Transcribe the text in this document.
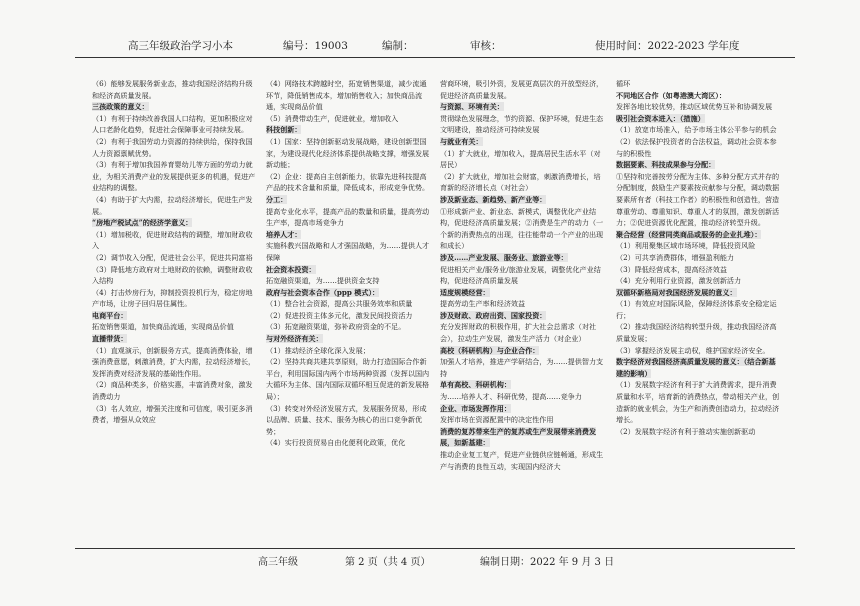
高三年级政治学习小本	编号：19003	编制：	审核：	使用时间：2022-2023 学年度

（6）能够发展服务新业态，推动我国经济结构升级和经济高质量发展。

三孩政策的意义：

（1）有利于持续改善我国人口结构，更加积极应对人口老龄化趋势，促进社会保障事业可持续发展。

（2）有利于我国劳动力资源的持续供给，保持我国人力资源禀赋优势。

（3）有利于增加我国养育婴幼儿等方面的劳动力就业，为相关消费产业的发展提供更多的机遇，促进产业结构的调整。

（4）有助于扩大内需，拉动经济增长，促进生产发展。

“房地产税试点”的经济学意义：

（1）增加税收，促进财政结构的调整，增加财政收入

（2）调节收入分配，促进社会公平，促进共同富裕

（3）降低地方政府对土地财政的依赖，调整财政收入结构

（4）打击炒房行为，抑制投资投机行为，稳定房地产市场，让房子回归居住属性。

电商平台：

拓宽销售渠道，加快商品流通，实现商品价值

直播带货：

（1）直观演示，创新服务方式，提高消费体验，增强消费意愿，刺激消费，扩大内需，拉动经济增长，发挥消费对经济发展的基础性作用。

（2）商品种类多，价格实惠，丰富消费对象，激发消费动力

（3）名人效应，增强关注度和可信度，吸引更多消费者，增强从众效应

（4）网络技术跨越时空，拓宽销售渠道，减少流通环节，降低销售成本，增加销售收入；加快商品流通，实现商品价值

（5）消费带动生产，促进就业，增加收入

科技创新：

（1）国家：坚持创新驱动发展战略，建设创新型国家，为建设现代化经济体系提供战略支撑，增强发展新动能；

（2）企业：提高自主创新能力，依靠先进科技提高产品的技术含量和质量，降低成本，形成竞争优势。

分工：

提高专业化水平，提高产品的数量和质量，提高劳动生产率，提高市场竞争力

培养人才：

实施科教兴国战略和人才强国战略，为……提供人才保障

社会资本投资：

拓宽融资渠道，为……提供资金支持

政府与社会资本合作（ppp 模式）：

（1）整合社会资源，提高公共服务效率和质量

（2）促进投资主体多元化，激发民间投资活力

（3）拓宽融资渠道，弥补政府资金的不足。

与对外经济有关：

（1）推动经济全球化深入发展；

（2）坚持共商共建共享原则，助力打造国际合作新平台，利用国际国内两个市场两种资源（发挥以国内大循环为主体、国内国际双循环相互促进的新发展格局）；

（3）转变对外经济发展方式，发展服务贸易，形成以品牌、质量、技术、服务为核心的出口竞争新优势；

（4）实行投资贸易自由化便利化政策，优化

营商环境，吸引外资，发展更高层次的开放型经济，促进经济高质量发展。

与资源、环境有关：

贯彻绿色发展理念，节约资源、保护环境，促进生态文明建设，推动经济可持续发展

与就业有关：

（1）扩大就业，增加收入，提高居民生活水平（对居民）

（2）扩大就业，增加社会财富，刺激消费增长，培育新的经济增长点（对社会）

涉及新业态、新趋势、新产业等：

①形成新产业、新业态、新模式，调整优化产业结构，促进经济高质量发展；②消费是生产的动力（一个新的消费热点的出现，往往能带动一个产业的出现和成长）

涉及……产业发展、服务业、旅游业等：

促进相关产业/服务业/旅游业发展，调整优化产业结构，促进经济高质量发展

适度规模经营：

提高劳动生产率和经济效益

涉及财政、政府出资、国家投资：

充分发挥财政的积极作用，扩大社会总需求（对社会），拉动生产发展，激发生产活力（对企业）

高校（科研机构）与企业合作：

加强人才培养，推进产学研结合，为……提供智力支持

单有高校、科研机构：

为……培养人才、科研优势，提高……竞争力

企业、市场发挥作用：

发挥市场在资源配置中的决定性作用

消费的复苏带来生产的复苏或生产发展带来消费发展，如新基建：

推动企业复工复产，促进产业链供应链畅通，形成生产与消费的良性互动，实现国内经济大

循环

不同地区合作（如粤港澳大湾区）：

发挥各地比较优势，推动区域优势互补和协调发展

吸引社会资本进入：（措施）

（1）放宽市场准入，给予市场主体公平参与的机会

（2）依法保护投资者的合法权益，调动社会资本参与的积极性

数据要素、科技成果参与分配：

①坚持和完善按劳分配为主体、多种分配方式并存的分配制度，鼓励生产要素按贡献参与分配，调动数据要素所有者（科技工作者）的积极性和创造性，营造尊重劳动、尊重知识、尊重人才的氛围，激发创新活力；②促进资源优化配置，推动经济转型升级。

聚合经营（经营同类商品或服务的企业扎堆）：

（1）利用聚集区域市场环境，降低投资风险

（2）可共享消费群体，增强盈利能力

（3）降低经营成本，提高经济效益

（4）充分利用行业资源，激发创新活力

双循环新格局对我国经济发展的意义：

（1）有效应对国际风险，保障经济体系安全稳定运行；

（2）推动我国经济结构转型升级，推动我国经济高质量发展；

（3）掌握经济发展主动权，维护国家经济安全。

数字经济对我国经济高质量发展的意义：（结合新基建的影响）

（1）发展数字经济有利于扩大消费需求，提升消费质量和水平，培育新的消费热点，带动相关产业，创造新的就业机会，为生产和消费创造动力，拉动经济增长。

（2）发展数字经济有利于推动实施创新驱动

高三年级	第 2 页（共 4 页）	编制日期：2022 年 9 月 3 日
